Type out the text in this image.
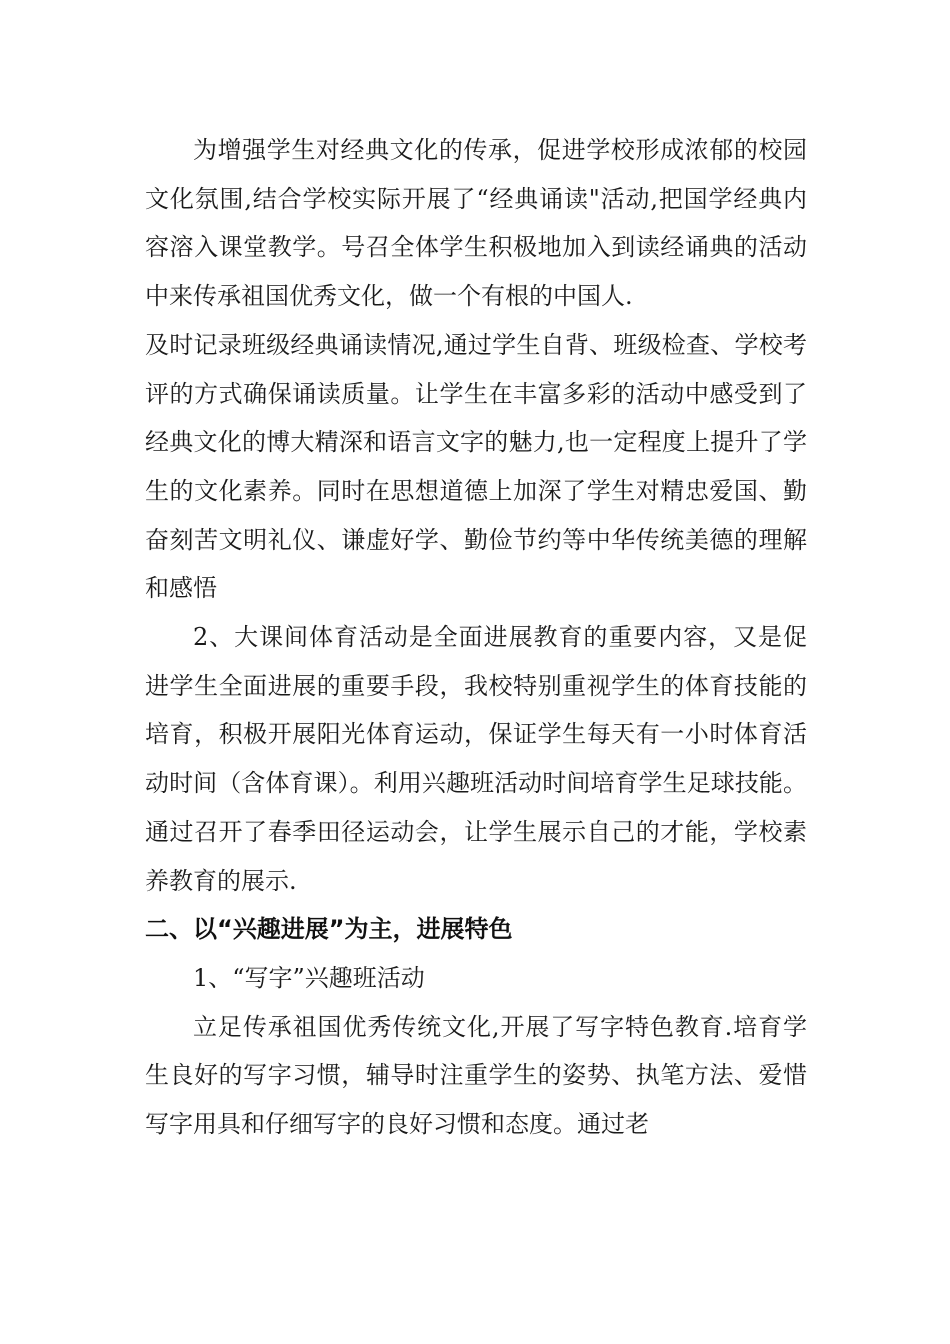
为增强学生对经典文化的传承，促进学校形成浓郁的校园文化氛围,结合学校实际开展了“经典诵读"活动,把国学经典内容溶入课堂教学。号召全体学生积极地加入到读经诵典的活动中来传承祖国优秀文化，做一个有根的中国人.

及时记录班级经典诵读情况,通过学生自背、班级检查、学校考评的方式确保诵读质量。让学生在丰富多彩的活动中感受到了经典文化的博大精深和语言文字的魅力,也一定程度上提升了学生的文化素养。同时在思想道德上加深了学生对精忠爱国、勤奋刻苦文明礼仪、谦虚好学、勤俭节约等中华传统美德的理解和感悟

2、大课间体育活动是全面进展教育的重要内容，又是促进学生全面进展的重要手段，我校特别重视学生的体育技能的培育，积极开展阳光体育运动，保证学生每天有一小时体育活动时间（含体育课）。利用兴趣班活动时间培育学生足球技能。通过召开了春季田径运动会，让学生展示自己的才能，学校素养教育的展示.

二、以“兴趣进展”为主，进展特色

1、“写字”兴趣班活动

立足传承祖国优秀传统文化,开展了写字特色教育.培育学生良好的写字习惯，辅导时注重学生的姿势、执笔方法、爱惜写字用具和仔细写字的良好习惯和态度。通过老
